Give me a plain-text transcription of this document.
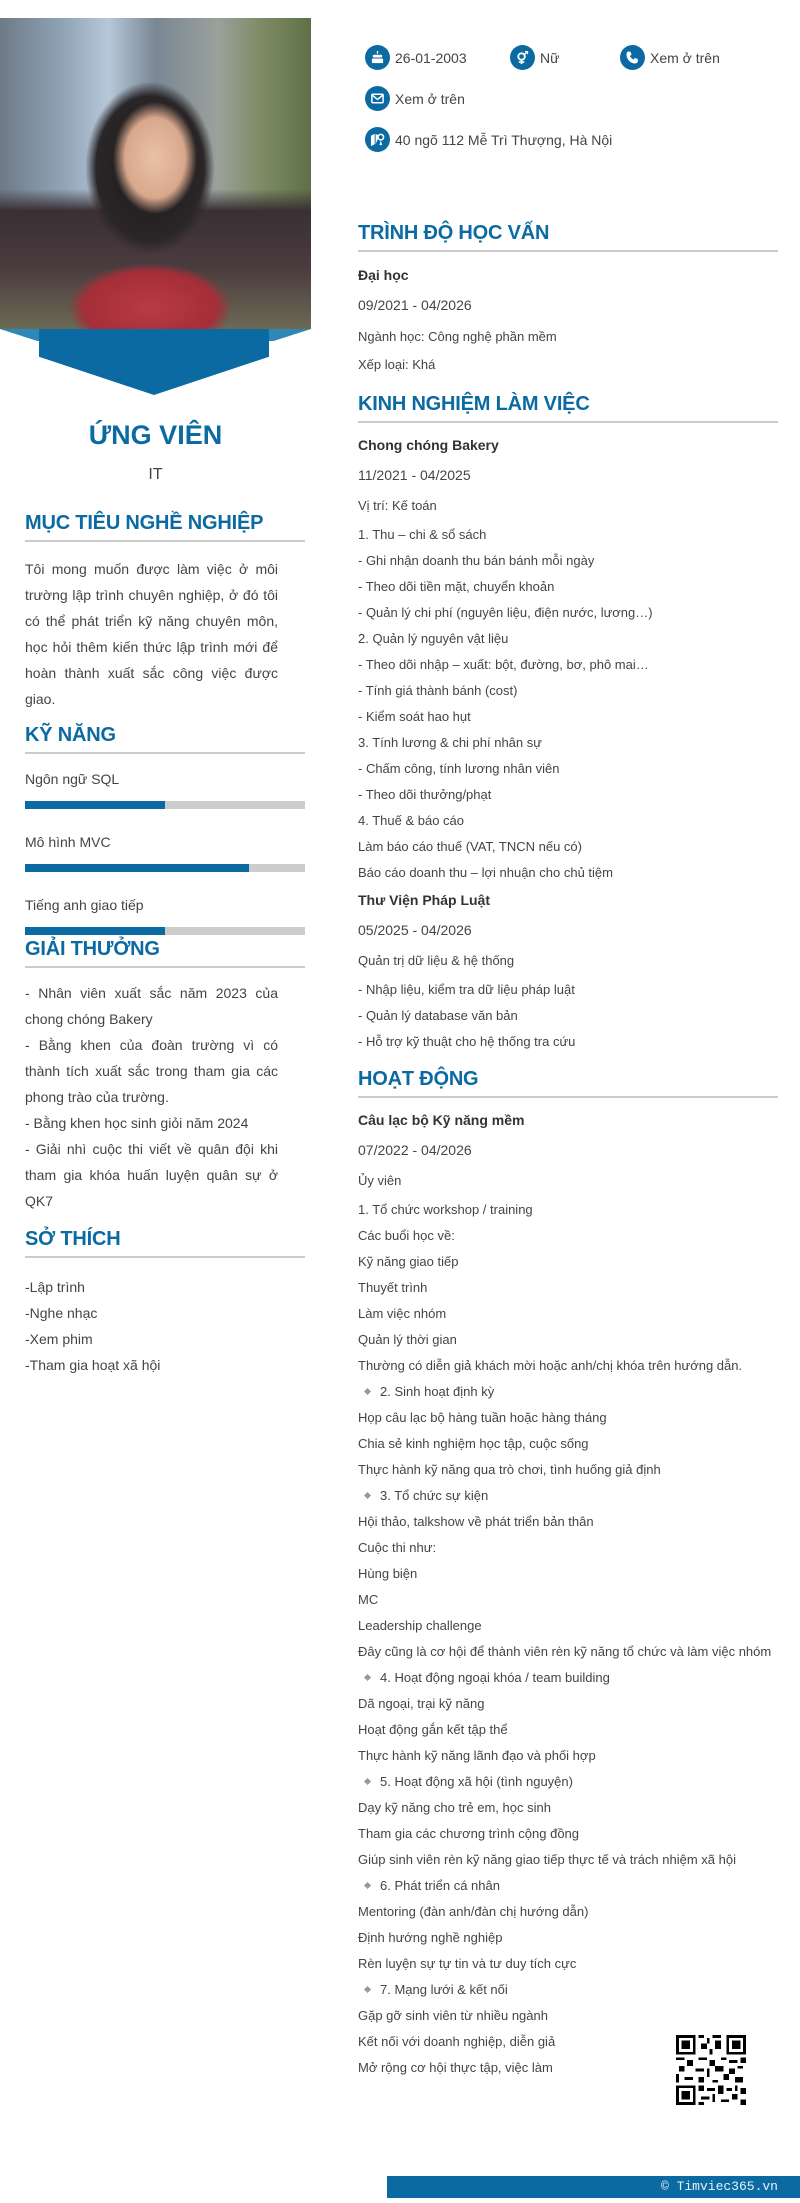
ỨNG VIÊN
IT
MỤC TIÊU NGHỀ NGHIỆP
Tôi mong muốn được làm việc ở môi trường lập trình chuyên nghiệp, ở đó tôi có thể phát triển kỹ năng chuyên môn, học hỏi thêm kiến thức lập trình mới để hoàn thành xuất sắc công việc được giao.
KỸ NĂNG
Ngôn ngữ SQL
Mô hình MVC
Tiếng anh giao tiếp
GIẢI THƯỞNG
- Nhân viên xuất sắc năm 2023 của chong chóng Bakery
- Bằng khen của đoàn trường vì có thành tích xuất sắc trong tham gia các phong trào của trường.
- Bằng khen học sinh giỏi năm 2024
- Giải nhì cuộc thi viết về quân đội khi tham gia khóa huấn luyện quân sự ở QK7
SỞ THÍCH
-Lập trình
-Nghe nhạc
-Xem phim
-Tham gia hoạt xã hội
26-01-2003	Nữ	Xem ở trên
Xem ở trên
40 ngõ 112 Mễ Trì Thượng, Hà Nội
TRÌNH ĐỘ HỌC VẤN
Đại học
09/2021 - 04/2026
Ngành học: Công nghệ phần mềm
Xếp loại: Khá
KINH NGHIỆM LÀM VIỆC
Chong chóng Bakery
11/2021 - 04/2025
Vị trí: Kế toán
1. Thu – chi & sổ sách
- Ghi nhận doanh thu bán bánh mỗi ngày
- Theo dõi tiền mặt, chuyển khoản
- Quản lý chi phí (nguyên liệu, điện nước, lương…)
2. Quản lý nguyên vật liệu
- Theo dõi nhập – xuất: bột, đường, bơ, phô mai…
- Tính giá thành bánh (cost)
- Kiểm soát hao hụt
3. Tính lương & chi phí nhân sự
- Chấm công, tính lương nhân viên
- Theo dõi thưởng/phạt
4. Thuế & báo cáo
Làm báo cáo thuế (VAT, TNCN nếu có)
Báo cáo doanh thu – lợi nhuận cho chủ tiệm
Thư Viện Pháp Luật
05/2025 - 04/2026
Quản trị dữ liệu & hệ thống
- Nhập liệu, kiểm tra dữ liệu pháp luật
- Quản lý database văn bản
- Hỗ trợ kỹ thuật cho hệ thống tra cứu
HOẠT ĐỘNG
Câu lạc bộ Kỹ năng mềm
07/2022 - 04/2026
Ủy viên
1. Tổ chức workshop / training
Các buổi học về:
Kỹ năng giao tiếp
Thuyết trình
Làm việc nhóm
Quản lý thời gian
Thường có diễn giả khách mời hoặc anh/chị khóa trên hướng dẫn.
2. Sinh hoạt định kỳ
Họp câu lạc bộ hàng tuần hoặc hàng tháng
Chia sẻ kinh nghiệm học tập, cuộc sống
Thực hành kỹ năng qua trò chơi, tình huống giả định
3. Tổ chức sự kiện
Hội thảo, talkshow về phát triển bản thân
Cuộc thi như:
Hùng biện
MC
Leadership challenge
Đây cũng là cơ hội để thành viên rèn kỹ năng tổ chức và làm việc nhóm
4. Hoạt động ngoại khóa / team building
Dã ngoại, trại kỹ năng
Hoạt động gắn kết tập thể
Thực hành kỹ năng lãnh đạo và phối hợp
5. Hoạt động xã hội (tình nguyện)
Dạy kỹ năng cho trẻ em, học sinh
Tham gia các chương trình cộng đồng
Giúp sinh viên rèn kỹ năng giao tiếp thực tế và trách nhiệm xã hội
6. Phát triển cá nhân
Mentoring (đàn anh/đàn chị hướng dẫn)
Định hướng nghề nghiệp
Rèn luyện sự tự tin và tư duy tích cực
7. Mạng lưới & kết nối
Gặp gỡ sinh viên từ nhiều ngành
Kết nối với doanh nghiệp, diễn giả
Mở rộng cơ hội thực tập, việc làm
© Timviec365.vn
